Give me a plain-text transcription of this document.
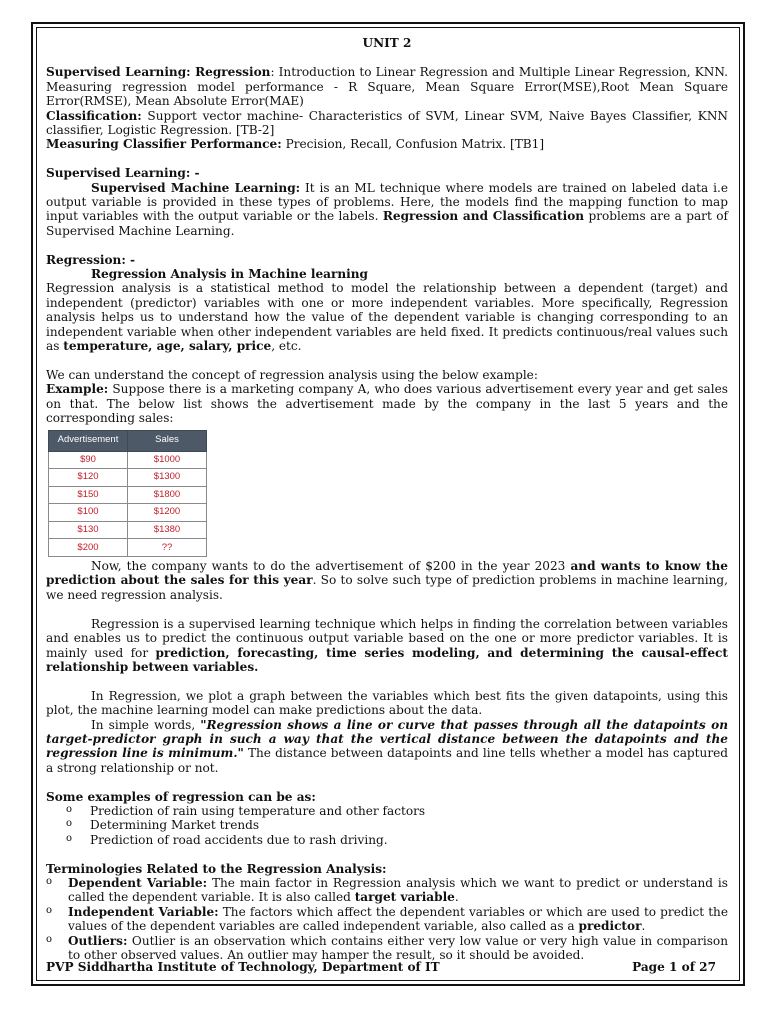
UNIT 2

Supervised Learning: Regression: Introduction to Linear Regression and Multiple Linear Regression, KNN. Measuring regression model performance - R Square, Mean Square Error(MSE),Root Mean Square Error(RMSE), Mean Absolute Error(MAE)

Classification: Support vector machine- Characteristics of SVM, Linear SVM, Naive Bayes Classifier, KNN classifier, Logistic Regression. [TB-2]

Measuring Classifier Performance: Precision, Recall, Confusion Matrix. [TB1]

Supervised Learning: -

Supervised Machine Learning: It is an ML technique where models are trained on labeled data i.e output variable is provided in these types of problems. Here, the models find the mapping function to map input variables with the output variable or the labels. Regression and Classification problems are a part of Supervised Machine Learning.

Regression: -

Regression Analysis in Machine learning

Regression analysis is a statistical method to model the relationship between a dependent (target) and independent (predictor) variables with one or more independent variables. More specifically, Regression analysis helps us to understand how the value of the dependent variable is changing corresponding to an independent variable when other independent variables are held fixed. It predicts continuous/real values such as temperature, age, salary, price, etc.

We can understand the concept of regression analysis using the below example:

Example: Suppose there is a marketing company A, who does various advertisement every year and get sales on that. The below list shows the advertisement made by the company in the last 5 years and the corresponding sales:

Advertisement	Sales
$90	$1000
$120	$1300
$150	$1800
$100	$1200
$130	$1380
$200	??

Now, the company wants to do the advertisement of $200 in the year 2023 and wants to know the prediction about the sales for this year. So to solve such type of prediction problems in machine learning, we need regression analysis.

Regression is a supervised learning technique which helps in finding the correlation between variables and enables us to predict the continuous output variable based on the one or more predictor variables. It is mainly used for prediction, forecasting, time series modeling, and determining the causal-effect relationship between variables.

In Regression, we plot a graph between the variables which best fits the given datapoints, using this plot, the machine learning model can make predictions about the data.

In simple words, "Regression shows a line or curve that passes through all the datapoints on target-predictor graph in such a way that the vertical distance between the datapoints and the regression line is minimum." The distance between datapoints and line tells whether a model has captured a strong relationship or not.

Some examples of regression can be as:

o Prediction of rain using temperature and other factors
o Determining Market trends
o Prediction of road accidents due to rash driving.

Terminologies Related to the Regression Analysis:

o Dependent Variable: The main factor in Regression analysis which we want to predict or understand is called the dependent variable. It is also called target variable.
o Independent Variable: The factors which affect the dependent variables or which are used to predict the values of the dependent variables are called independent variable, also called as a predictor.
o Outliers: Outlier is an observation which contains either very low value or very high value in comparison to other observed values. An outlier may hamper the result, so it should be avoided.
PVP Siddhartha Institute of Technology, Department of IT	Page 1 of 27
